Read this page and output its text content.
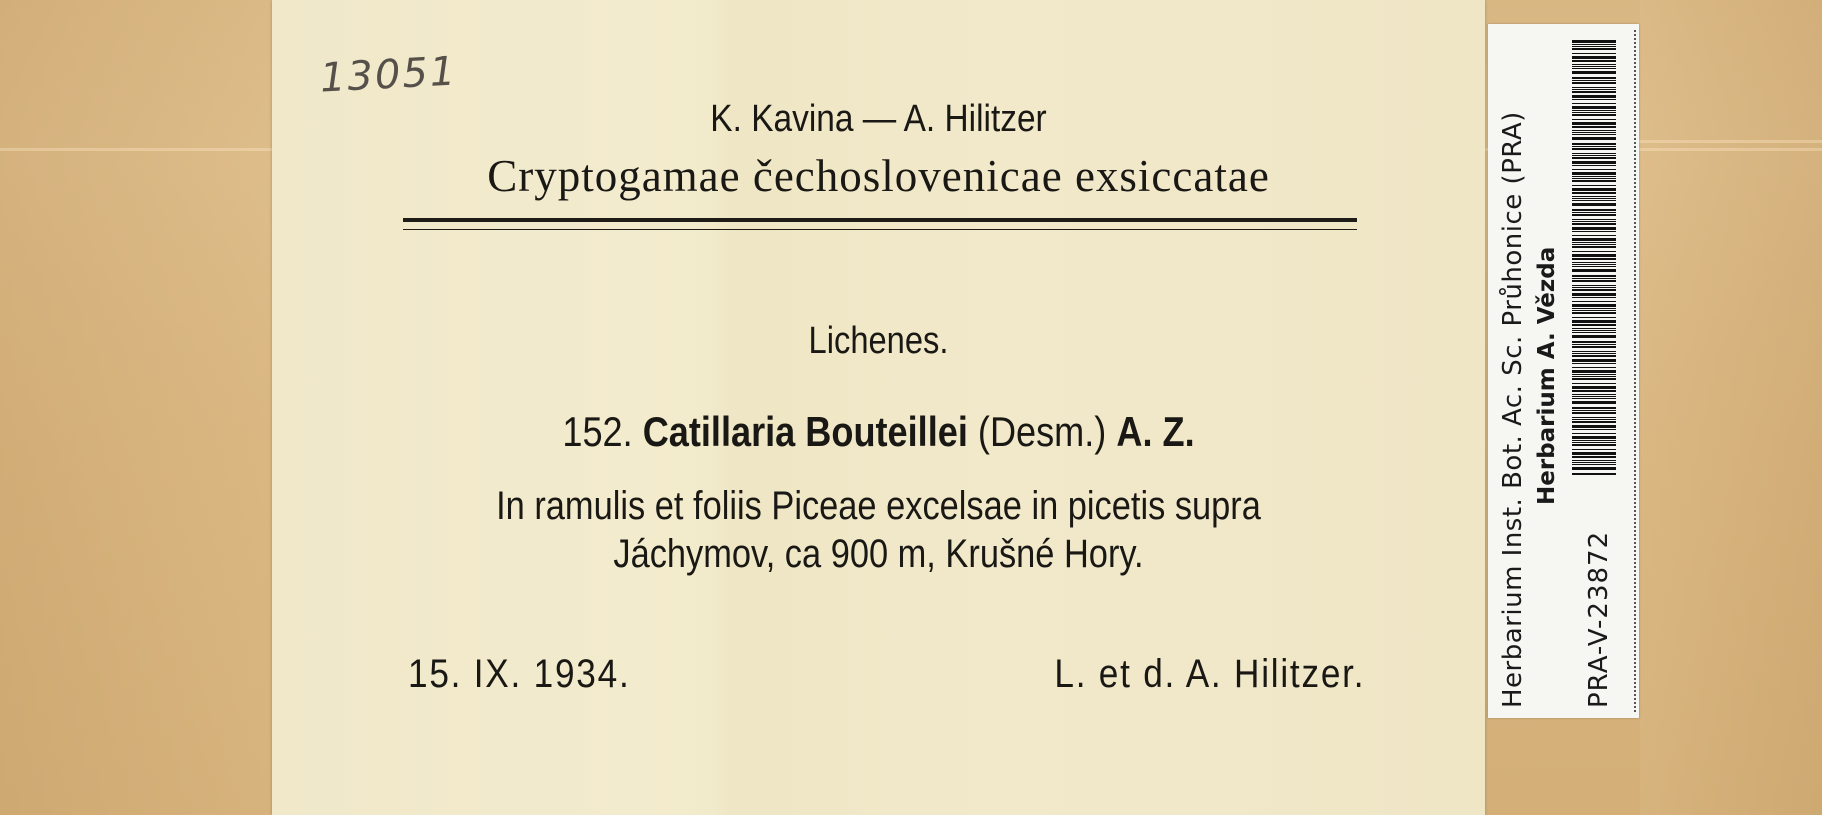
13051
K. Kavina — A. Hilitzer
Cryptogamae čechoslovenicae exsiccatae
Lichenes.
152. Catillaria Bouteillei (Desm.) A. Z.
In ramulis et foliis Piceae excelsae in picetis supra
Jáchymov, ca 900 m, Krušné Hory.
15. IX. 1934.	L. et d. A. Hilitzer.	Herbarium Inst. Bot. Ac. Sc. Průhonice (PRA) Herbarium A. Vězda
PRA-V-23872
